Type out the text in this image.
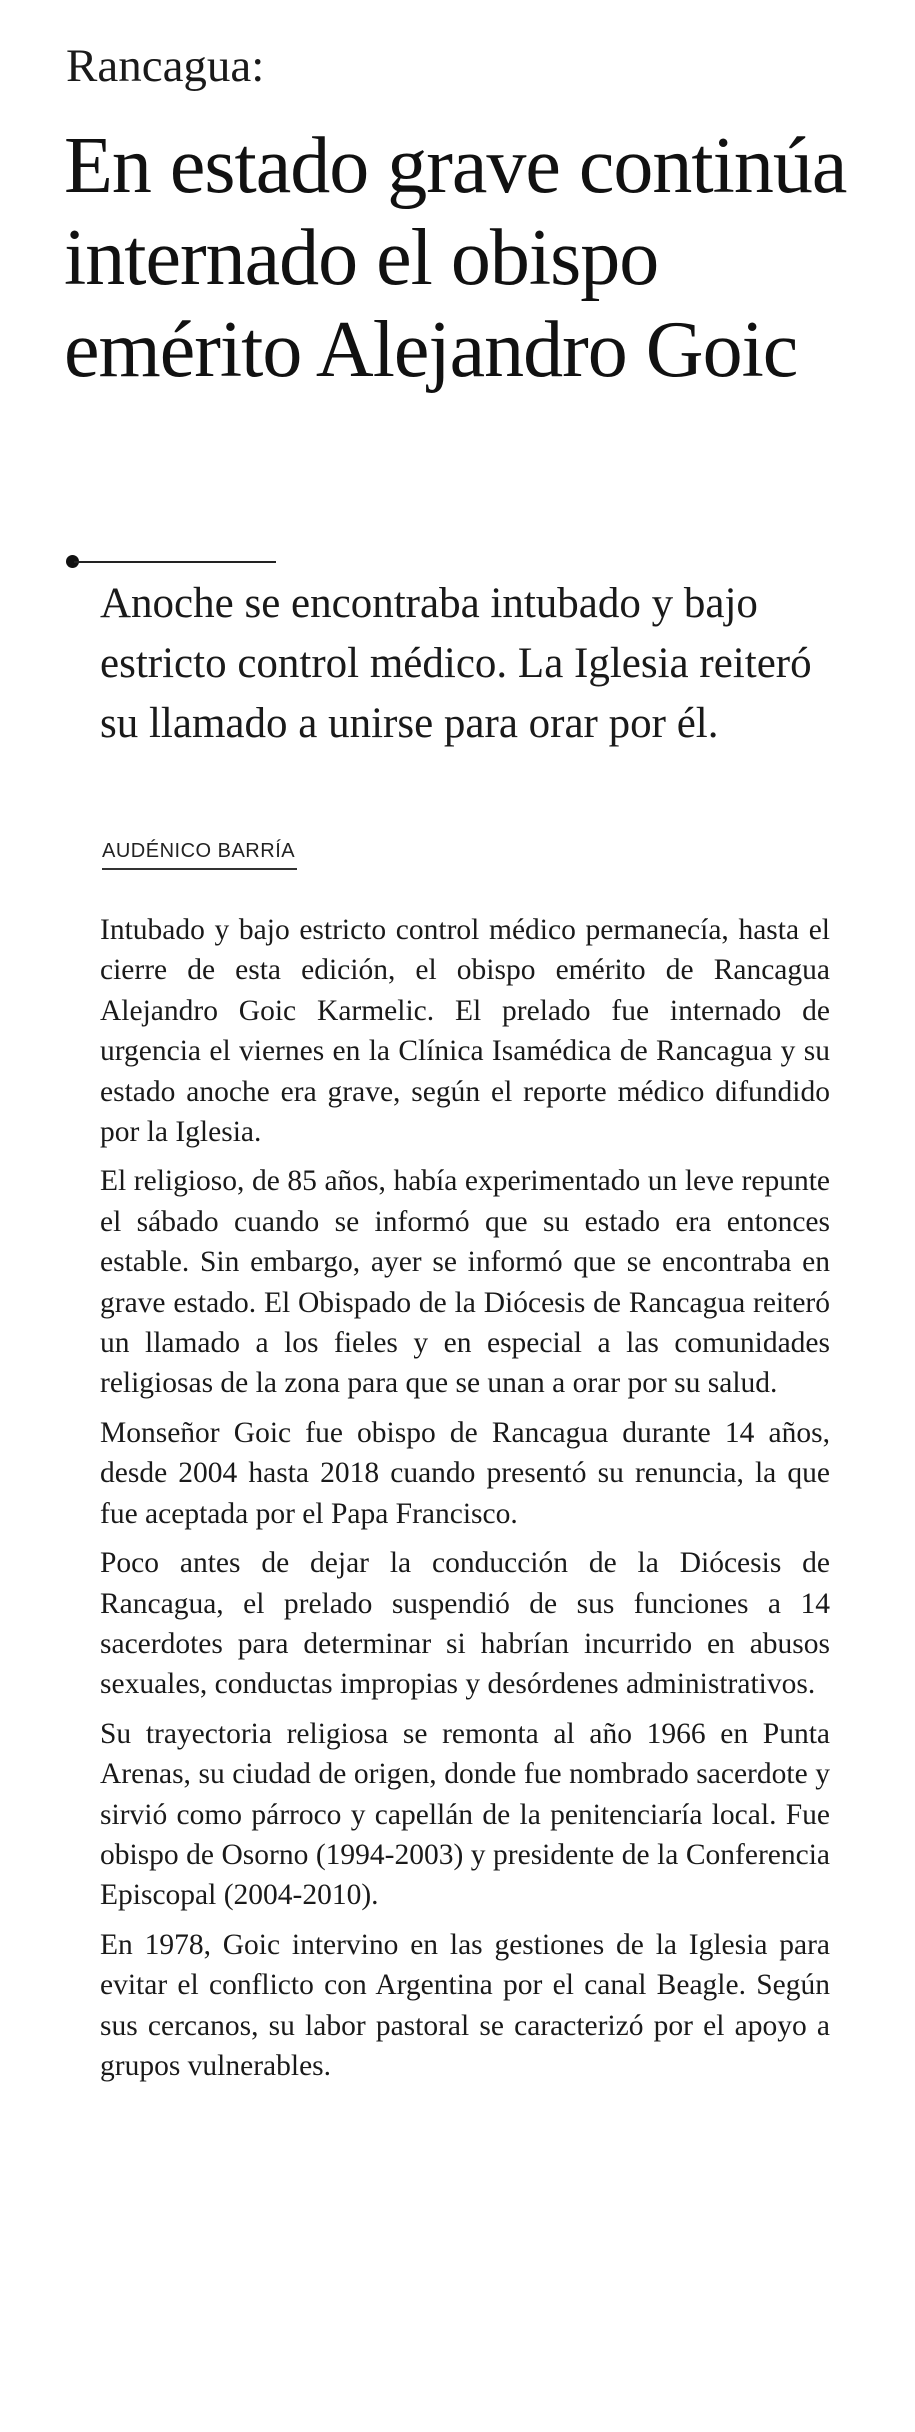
Rancagua:
En estado grave continúa internado el obispo emérito Alejandro Goic

Anoche se encontraba intubado y bajo estricto control médico. La Iglesia reiteró su llamado a unirse para orar por él.

AUDÉNICO BARRÍA

Intubado y bajo estricto control médico permanecía, hasta el cierre de esta edición, el obispo emérito de Rancagua Alejandro Goic Karmelic. El prelado fue internado de urgencia el viernes en la Clínica Isamédica de Rancagua y su estado anoche era grave, según el reporte médico difundido por la Iglesia.

El religioso, de 85 años, había experimentado un leve repunte el sábado cuando se informó que su estado era entonces estable. Sin embargo, ayer se informó que se encontraba en grave estado. El Obispado de la Diócesis de Rancagua reiteró un llamado a los fieles y en especial a las comunidades religiosas de la zona para que se unan a orar por su salud.

Monseñor Goic fue obispo de Rancagua durante 14 años, desde 2004 hasta 2018 cuando presentó su renuncia, la que fue aceptada por el Papa Francisco.

Poco antes de dejar la conducción de la Diócesis de Rancagua, el prelado suspendió de sus funciones a 14 sacerdotes para determinar si habrían incurrido en abusos sexuales, conductas impropias y desórdenes administrativos.

Su trayectoria religiosa se remonta al año 1966 en Punta Arenas, su ciudad de origen, donde fue nombrado sacerdote y sirvió como párroco y capellán de la penitenciaría local. Fue obispo de Osorno (1994-2003) y presidente de la Conferencia Episcopal (2004-2010).

En 1978, Goic intervino en las gestiones de la Iglesia para evitar el conflicto con Argentina por el canal Beagle. Según sus cercanos, su labor pastoral se caracterizó por el apoyo a grupos vulnerables.
